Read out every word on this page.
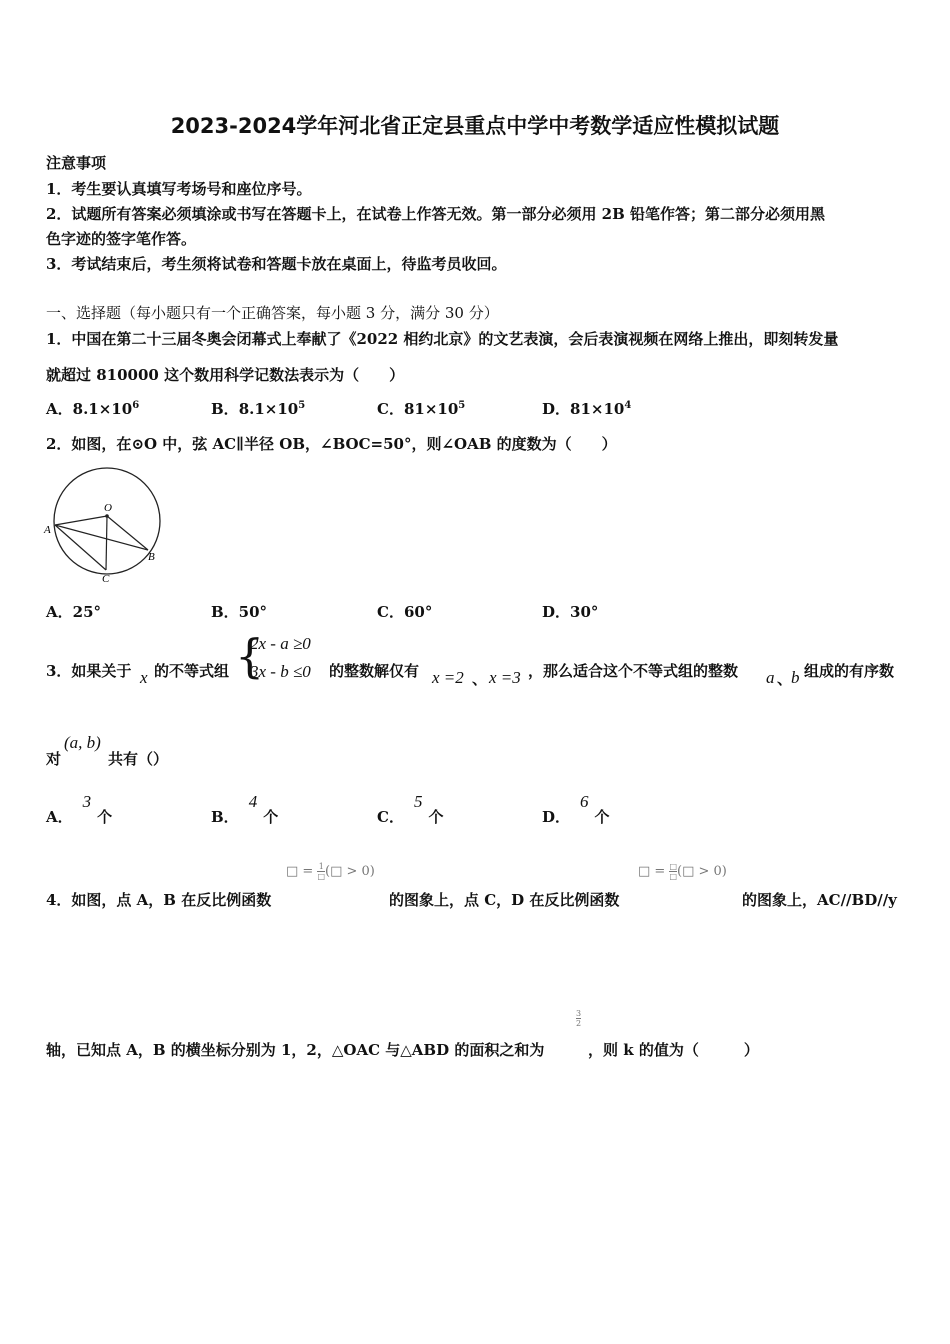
2023-2024学年河北省正定县重点中学中考数学适应性模拟试题
注意事项
1．考生要认真填写考场号和座位序号。
2．试题所有答案必须填涂或书写在答题卡上，在试卷上作答无效。第一部分必须用 2B 铅笔作答；第二部分必须用黑
色字迹的签字笔作答。
3．考试结束后，考生须将试卷和答题卡放在桌面上，待监考员收回。
一、选择题（每小题只有一个正确答案，每小题 3 分，满分 30 分）
1．中国在第二十三届冬奥会闭幕式上奉献了《2022 相约北京》的文艺表演，会后表演视频在网络上推出，即刻转发量
就超过 810000 这个数用科学记数法表示为（　　）
A．$8.1\times 10^6$	B．$8.1\times 10^5$	C．$81\times 10^5$	D．$81\times 10^4$
2．如图，在⊙O 中，弦 AC∥半径 OB，∠BOC=50°，则∠OAB 的度数为（　　）
O
A
B
C
A．25°	B．50°	C．60°	D．30°
3．如果关于 x 的不等式组 {
2x - a ≥0
3x - b ≤0 的整数解仅有 x =2 、 x =3 ，那么适合这个不等式组的整数 a 、
b 组成的有序数
对
(a, b)
共有（）
A．3个	B．4个	C．5个	D．6个
□ = $\frac{1}{□}$ (□ > 0)	□ = $\frac{□}{□}$ (□ > 0)
4．如图，点 A，B 在反比例函数	的图象上，点 C，D 在反比例函数	的图象上，AC//BD//y
$\frac{3}{2}$
轴，已知点 A，B 的横坐标分别为 1，2，△OAC 与△ABD 的面积之和为	，则 k 的值为（　　　）
